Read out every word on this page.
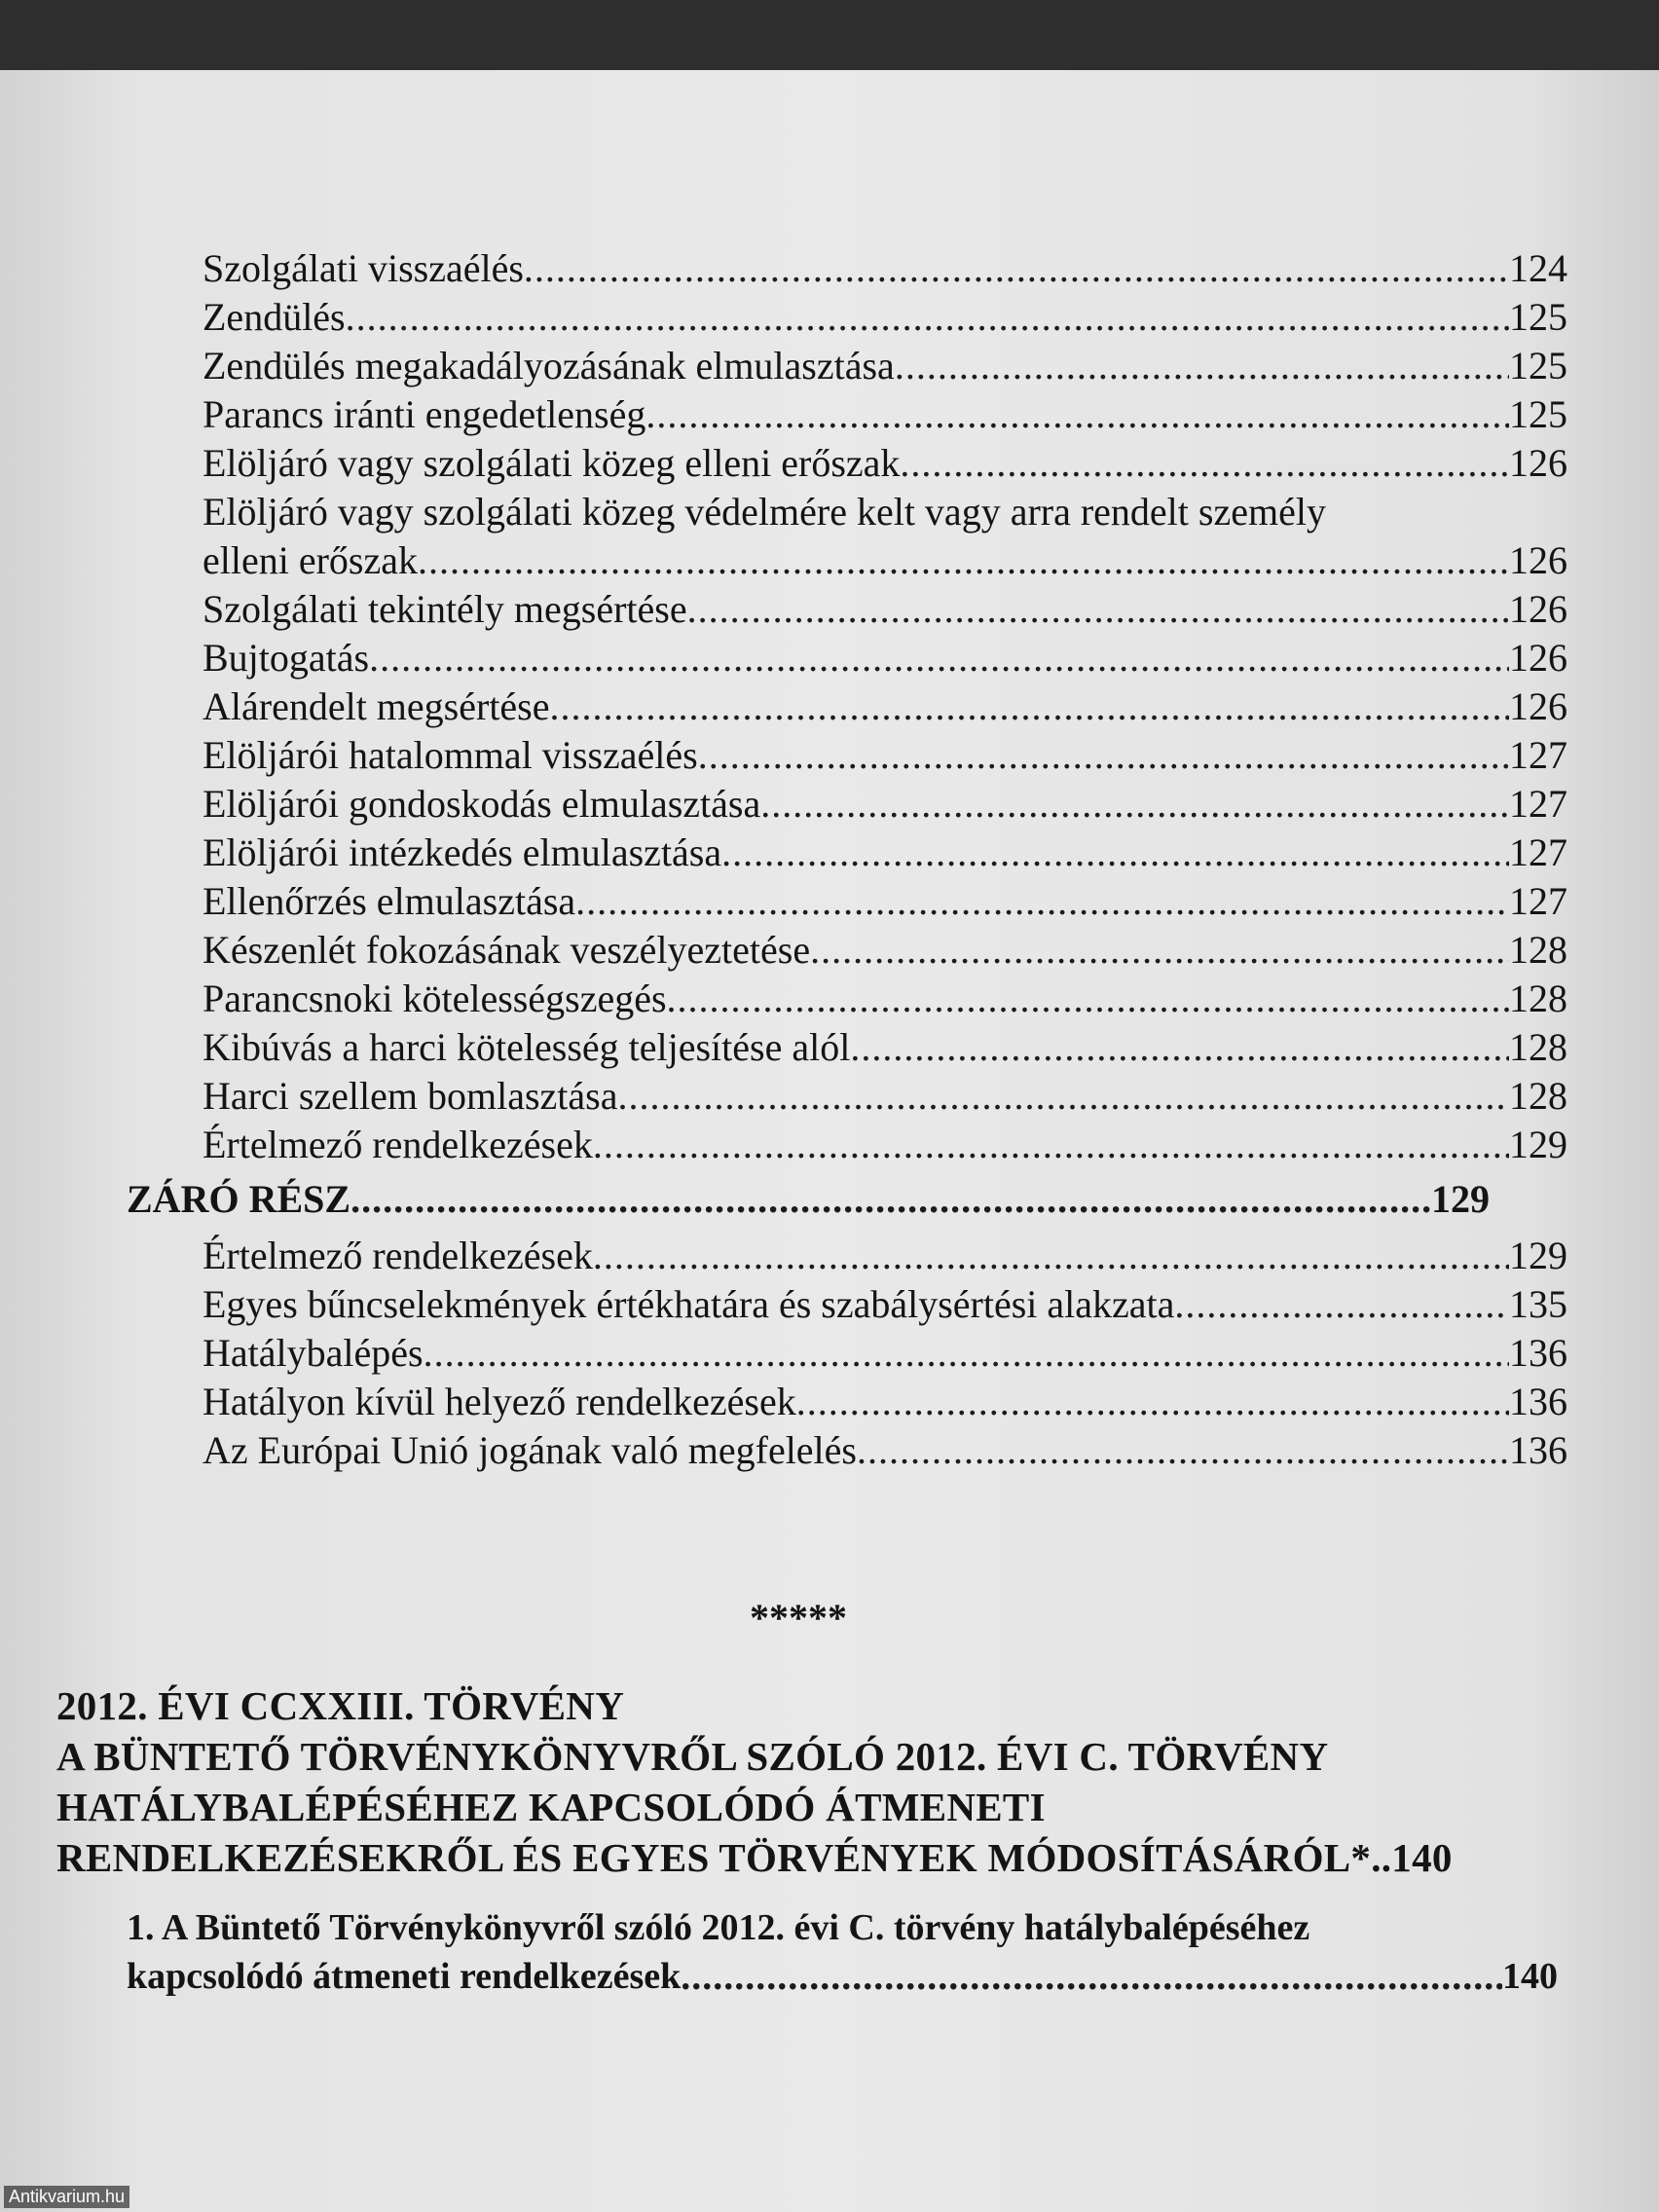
Szolgálati visszaélés .....	124
Zendülés .....	125
Zendülés megakadályozásának elmulasztása .....	125
Parancs iránti engedetlenség .....	125
Elöljáró vagy szolgálati közeg elleni erőszak .....	126
Elöljáró vagy szolgálati közeg védelmére kelt vagy arra rendelt személy
elleni erőszak .....	126
Szolgálati tekintély megsértése .....	126
Bujtogatás .....	126
Alárendelt megsértése .....	126
Elöljárói hatalommal visszaélés .....	127
Elöljárói gondoskodás elmulasztása .....	127
Elöljárói intézkedés elmulasztása .....	127
Ellenőrzés elmulasztása .....	127
Készenlét fokozásának veszélyeztetése .....	128
Parancsnoki kötelességszegés .....	128
Kibúvás a harci kötelesség teljesítése alól .....	128
Harci szellem bomlasztása .....	128
Értelmező rendelkezések .....	129
ZÁRÓ RÉSZ .....	129
Értelmező rendelkezések .....	129
Egyes bűncselekmények értékhatára és szabálysértési alakzata .....	135
Hatálybalépés .....	136
Hatályon kívül helyező rendelkezések .....	136
Az Európai Unió jogának való megfelelés .....	136
*****
2012. ÉVI CCXXIII. TÖRVÉNY
A BÜNTETŐ TÖRVÉNYKÖNYVRŐL SZÓLÓ 2012. ÉVI C. TÖRVÉNY
HATÁLYBALÉPÉSÉHEZ KAPCSOLÓDÓ ÁTMENETI
RENDELKEZÉSEKRŐL ÉS EGYES TÖRVÉNYEK MÓDOSÍTÁSÁRÓL*..140
1. A Büntető Törvénykönyvről szóló 2012. évi C. törvény hatálybalépéséhez
kapcsolódó átmeneti rendelkezések .....	140
Antikvarium.hu
